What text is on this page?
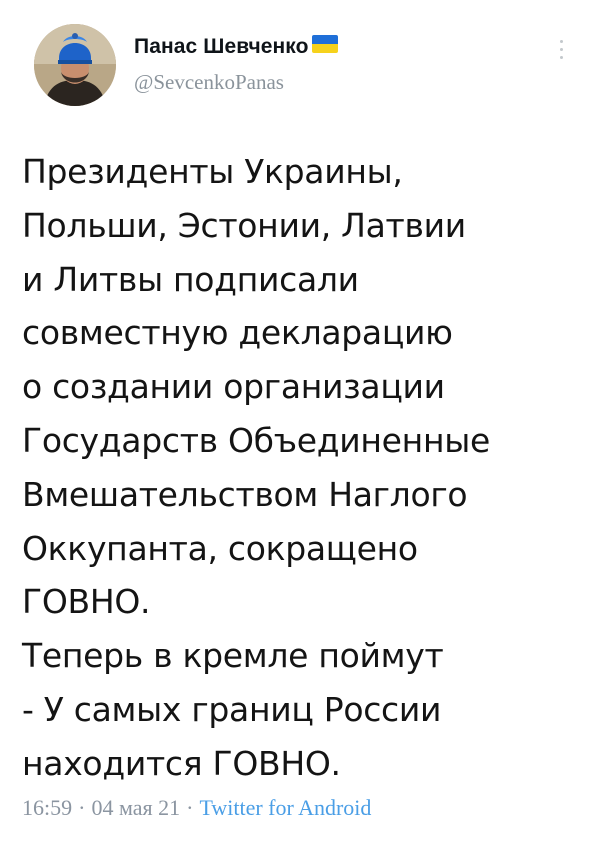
Панас Шевченко
@SevcenkoPanas
Президенты Украины,
Польши, Эстонии, Латвии
и Литвы подписали
совместную декларацию
о создании организации
Государств Объединенные
Вмешательством Наглого
Оккупанта, сокращено
ГОВНО.
Теперь в кремле поймут
- У самых границ России
находится ГОВНО.
16:59 · 04 мая 21 · Twitter for Android
